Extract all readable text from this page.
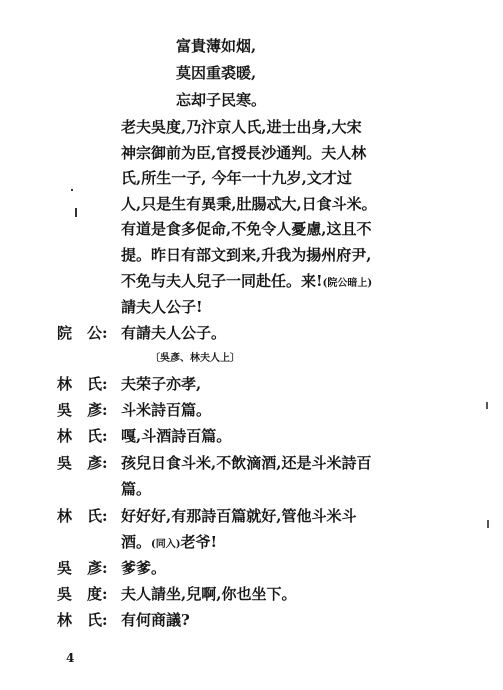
富貴薄如烟,
莫因重裘暖,
忘却子民寒。
老夫吳度,乃汴京人氏,进士出身,大宋
神宗御前为臣,官授長沙通判。夫人林
氏,所生一子, 今年一十九岁,文才过
人,只是生有異秉,肚腸忒大,日食斗米。
有道是食多促命,不免令人憂慮,这且不
提。昨日有部文到来,升我为揚州府尹,
不免与夫人兒子一同赴任。来!(院公暗上)
請夫人公子!
院　公: 有請夫人公子。
〔吳彥、林夫人上〕
林　氏: 夫荣子亦孝,
吳　彥: 斗米詩百篇。
林　氏: 嘎,斗酒詩百篇。
吳　彥: 孩兒日食斗米,不飲滴酒,还是斗米詩百
篇。
林　氏: 好好好,有那詩百篇就好,管他斗米斗
酒。(同入)老爷!
吳　彥: 爹爹。
吳　度: 夫人請坐,兒啊,你也坐下。
林　氏: 有何商議?
4
